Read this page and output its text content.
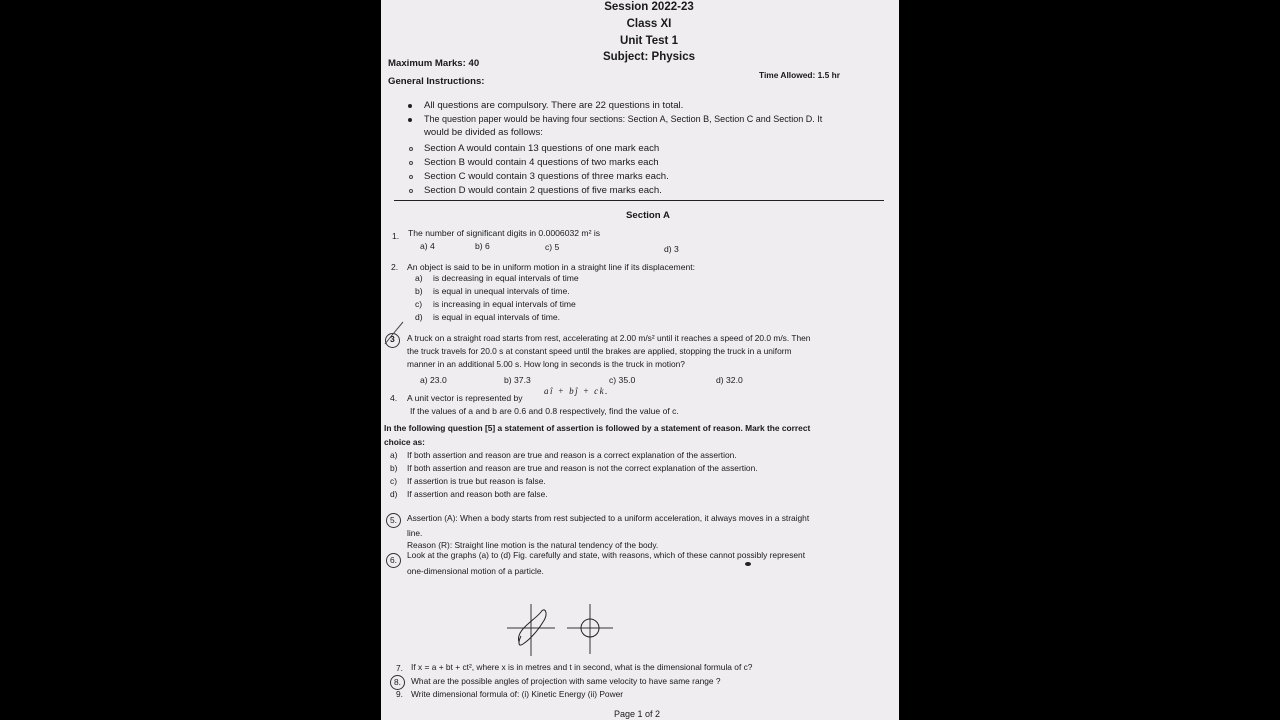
Session 2022-23
Class XI
Unit Test 1
Subject: Physics
Maximum Marks: 40
Time Allowed: 1.5 hr
General Instructions:
All questions are compulsory. There are 22 questions in total.
The question paper would be having four sections: Section A, Section B, Section C and Section D. It
would be divided as follows:
Section A would contain 13 questions of one mark each
Section B would contain 4 questions of two marks each
Section C would contain 3 questions of three marks each.
Section D would contain 2 questions of five marks each.
Section A
1. The number of significant digits in 0.0006032 m² is
a) 4	b) 6	c) 5	d) 3
2. An object is said to be in uniform motion in a straight line if its displacement:
a) is decreasing in equal intervals of time
b) is equal in unequal intervals of time.
c) is increasing in equal intervals of time
d) is equal in equal intervals of time.
3 A truck on a straight road starts from rest, accelerating at 2.00 m/s² until it reaches a speed of 20.0 m/s. Then
the truck travels for 20.0 s at constant speed until the brakes are applied, stopping the truck in a uniform
manner in an additional 5.00 s. How long in seconds is the truck in motion?
a) 23.0	b) 37.3	c) 35.0	d) 32.0
4. A unit vector is represented by
aî + bĵ + ck.
If the values of a and b are 0.6 and 0.8 respectively, find the value of c.
In the following question [5] a statement of assertion is followed by a statement of reason. Mark the correct
choice as:
a) If both assertion and reason are true and reason is a correct explanation of the assertion.
b) If both assertion and reason are true and reason is not the correct explanation of the assertion.
c) If assertion is true but reason is false.
d) If assertion and reason both are false.
5. Assertion (A): When a body starts from rest subjected to a uniform acceleration, it always moves in a straight
line.
Reason (R): Straight line motion is the natural tendency of the body.
6. Look at the graphs (a) to (d) Fig. carefully and state, with reasons, which of these cannot possibly represent
one-dimensional motion of a particle.
7. If x = a + bt + ct², where x is in metres and t in second, what is the dimensional formula of c?
8. What are the possible angles of projection with same velocity to have same range ?
9. Write dimensional formula of: (i) Kinetic Energy (ii) Power
Page 1 of 2
